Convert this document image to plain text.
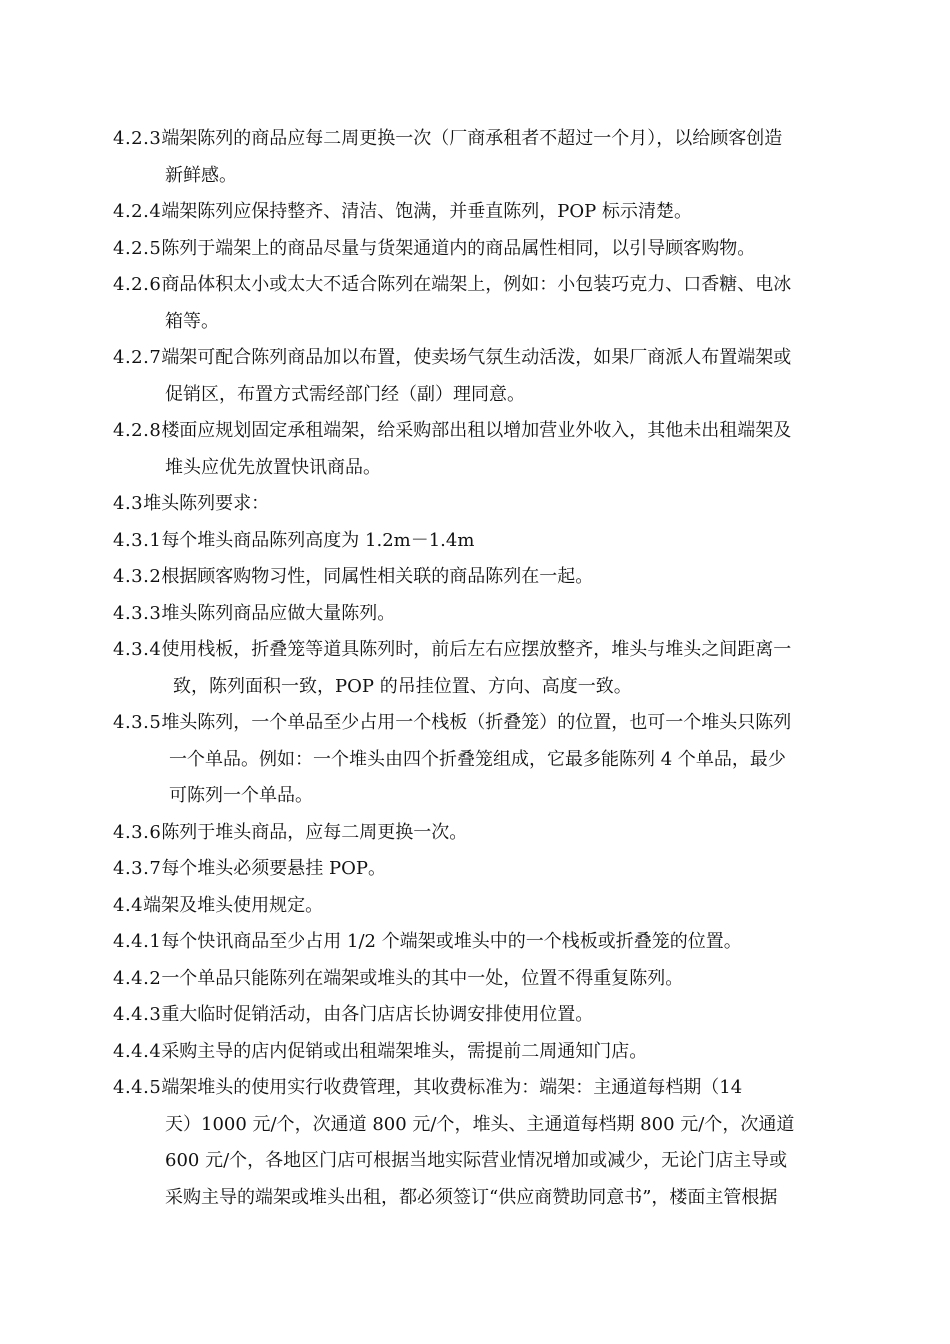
4.2.3 端架陈列的商品应每二周更换一次（厂商承租者不超过一个月），以给顾客创造
新鲜感。
4.2.4 端架陈列应保持整齐、清洁、饱满，并垂直陈列，POP 标示清楚。
4.2.5 陈列于端架上的商品尽量与货架通道内的商品属性相同，以引导顾客购物。
4.2.6 商品体积太小或太大不适合陈列在端架上，例如：小包装巧克力、口香糖、电冰
箱等。
4.2.7 端架可配合陈列商品加以布置，使卖场气氛生动活泼，如果厂商派人布置端架或
促销区，布置方式需经部门经（副）理同意。
4.2.8 楼面应规划固定承租端架，给采购部出租以增加营业外收入，其他未出租端架及
堆头应优先放置快讯商品。
4.3 堆头陈列要求：
4.3.1 每个堆头商品陈列高度为 1.2m－1.4m
4.3.2 根据顾客购物习性，同属性相关联的商品陈列在一起。
4.3.3 堆头陈列商品应做大量陈列。
4.3.4 使用栈板，折叠笼等道具陈列时，前后左右应摆放整齐，堆头与堆头之间距离一
致，陈列面积一致，POP 的吊挂位置、方向、高度一致。
4.3.5 堆头陈列，一个单品至少占用一个栈板（折叠笼）的位置，也可一个堆头只陈列
一个单品。例如：一个堆头由四个折叠笼组成，它最多能陈列 4 个单品，最少
可陈列一个单品。
4.3.6 陈列于堆头商品，应每二周更换一次。
4.3.7 每个堆头必须要悬挂 POP。
4.4 端架及堆头使用规定。
4.4.1 每个快讯商品至少占用 1/2 个端架或堆头中的一个栈板或折叠笼的位置。
4.4.2 一个单品只能陈列在端架或堆头的其中一处，位置不得重复陈列。
4.4.3 重大临时促销活动，由各门店店长协调安排使用位置。
4.4.4 采购主导的店内促销或出租端架堆头，需提前二周通知门店。
4.4.5 端架堆头的使用实行收费管理，其收费标准为：端架：主通道每档期（14
天）1000 元/个，次通道 800 元/个，堆头、主通道每档期 800 元/个，次通道
600 元/个，各地区门店可根据当地实际营业情况增加或减少，无论门店主导或
采购主导的端架或堆头出租，都必须签订“供应商赞助同意书”，楼面主管根据
